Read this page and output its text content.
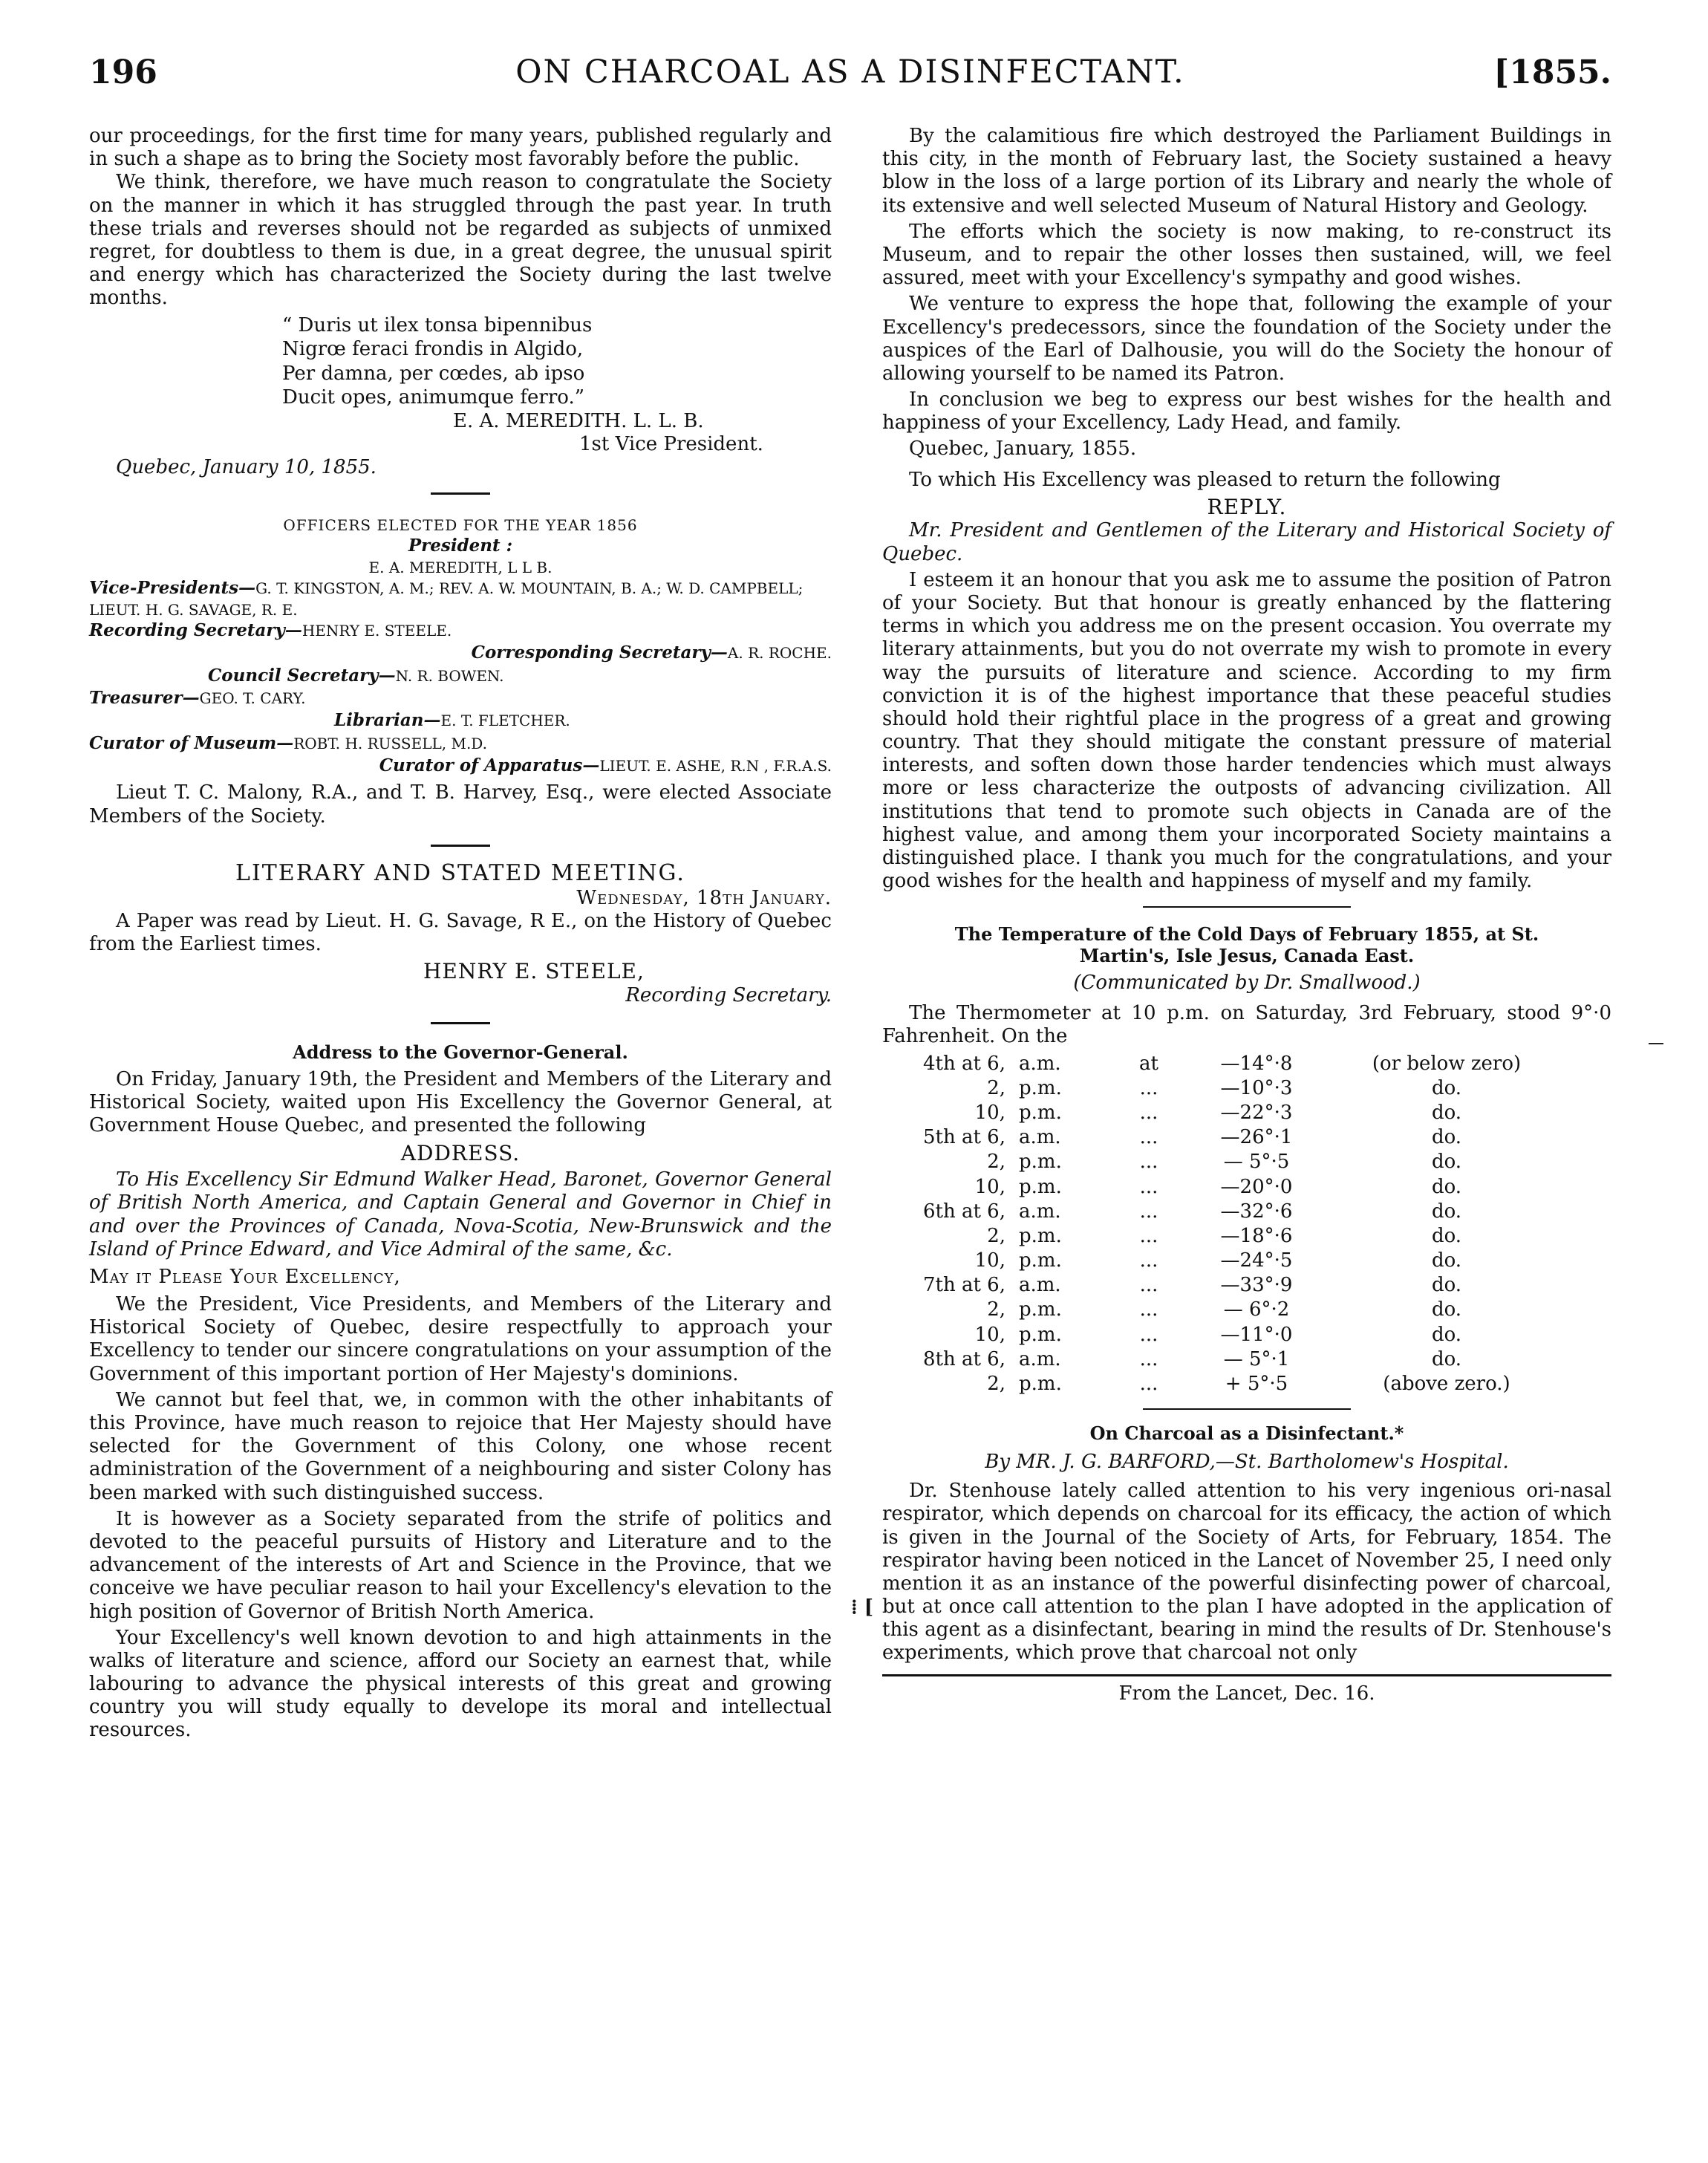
196	ON CHARCOAL AS A DISINFECTANT.	[1855.

our proceedings, for the first time for many years, published regularly and in such a shape as to bring the Society most favorably before the public.

We think, therefore, we have much reason to congratulate the Society on the manner in which it has struggled through the past year. In truth these trials and reverses should not be regarded as subjects of unmixed regret, for doubtless to them is due, in a great degree, the unusual spirit and energy which has characterized the Society during the last twelve months.

“ Duris ut ilex tonsa bipennibus

Nigrœ feraci frondis in Algido,

Per damna, per cœdes, ab ipso

Ducit opes, animumque ferro.”

E. A. MEREDITH. L. L. B.

1st Vice President.

Quebec, January 10, 1855.

OFFICERS ELECTED FOR THE YEAR 1856

President :

E. A. MEREDITH, L L B.

Vice-Presidents—G. T. KINGSTON, A. M.; REV. A. W. MOUNTAIN, B. A.; W. D. CAMPBELL; LIEUT. H. G. SAVAGE, R. E.

Recording Secretary—HENRY E. STEELE.

Corresponding Secretary—A. R. ROCHE.

Council Secretary—N. R. BOWEN.

Treasurer—GEO. T. CARY.

Librarian—E. T. FLETCHER.

Curator of Museum—ROBT. H. RUSSELL, M.D.

Curator of Apparatus—LIEUT. E. ASHE, R.N , F.R.A.S.

Lieut T. C. Malony, R.A., and T. B. Harvey, Esq., were elected Associate Members of the Society.

LITERARY AND STATED MEETING.

Wednesday, 18th January.

A Paper was read by Lieut. H. G. Savage, R E., on the History of Quebec from the Earliest times.

HENRY E. STEELE,

Recording Secretary.

Address to the Governor-General.

On Friday, January 19th, the President and Members of the Literary and Historical Society, waited upon His Excellency the Governor General, at Government House Quebec, and presented the following

ADDRESS.

To His Excellency Sir Edmund Walker Head, Baronet, Governor General of British North America, and Captain General and Governor in Chief in and over the Provinces of Canada, Nova-Scotia, New-Brunswick and the Island of Prince Edward, and Vice Admiral of the same, &c.

May it Please Your Excellency,

We the President, Vice Presidents, and Members of the Literary and Historical Society of Quebec, desire respectfully to approach your Excellency to tender our sincere congratulations on your assumption of the Government of this important portion of Her Majesty's dominions.

We cannot but feel that, we, in common with the other inhabitants of this Province, have much reason to rejoice that Her Majesty should have selected for the Government of this Colony, one whose recent administration of the Government of a neighbouring and sister Colony has been marked with such distinguished success.

It is however as a Society separated from the strife of politics and devoted to the peaceful pursuits of History and Literature and to the advancement of the interests of Art and Science in the Province, that we conceive we have peculiar reason to hail your Excellency's elevation to the high position of Governor of British North America.

Your Excellency's well known devotion to and high attainments in the walks of literature and science, afford our Society an earnest that, while labouring to advance the physical interests of this great and growing country you will study equally to develope its moral and intellectual resources.

By the calamitious fire which destroyed the Parliament Buildings in this city, in the month of February last, the Society sustained a heavy blow in the loss of a large portion of its Library and nearly the whole of its extensive and well selected Museum of Natural History and Geology.

The efforts which the society is now making, to re-construct its Museum, and to repair the other losses then sustained, will, we feel assured, meet with your Excellency's sympathy and good wishes.

We venture to express the hope that, following the example of your Excellency's predecessors, since the foundation of the Society under the auspices of the Earl of Dalhousie, you will do the Society the honour of allowing yourself to be named its Patron.

In conclusion we beg to express our best wishes for the health and happiness of your Excellency, Lady Head, and family.

Quebec, January, 1855.

To which His Excellency was pleased to return the following

REPLY.

Mr. President and Gentlemen of the Literary and Historical Society of Quebec.

I esteem it an honour that you ask me to assume the position of Patron of your Society. But that honour is greatly enhanced by the flattering terms in which you address me on the present occasion. You overrate my literary attainments, but you do not overrate my wish to promote in every way the pursuits of literature and science. According to my firm conviction it is of the highest importance that these peaceful studies should hold their rightful place in the progress of a great and growing country. That they should mitigate the constant pressure of material interests, and soften down those harder tendencies which must always more or less characterize the outposts of advancing civilization. All institutions that tend to promote such objects in Canada are of the highest value, and among them your incorporated Society maintains a distinguished place. I thank you much for the congratulations, and your good wishes for the health and happiness of myself and my family.

The Temperature of the Cold Days of February 1855, at St. Martin's, Isle Jesus, Canada East.

(Communicated by Dr. Smallwood.)

The Thermometer at 10 p.m. on Saturday, 3rd February, stood 9°·0 Fahrenheit. On the

4th at 6,	a.m.	at	—14°·8	(or below zero)
2,	p.m.	...	—10°·3	do.
10,	p.m.	...	—22°·3	do.
5th at 6,	a.m.	...	—26°·1	do.
2,	p.m.	...	— 5°·5	do.
10,	p.m.	...	—20°·0	do.
6th at 6,	a.m.	...	—32°·6	do.
2,	p.m.	...	—18°·6	do.
10,	p.m.	...	—24°·5	do.
7th at 6,	a.m.	...	—33°·9	do.
2,	p.m.	...	— 6°·2	do.
10,	p.m.	...	—11°·0	do.
8th at 6,	a.m.	...	— 5°·1	do.
2,	p.m.	...	+ 5°·5	(above zero.)

On Charcoal as a Disinfectant.*

By MR. J. G. BARFORD,—St. Bartholomew's Hospital.

Dr. Stenhouse lately called attention to his very ingenious ori-nasal respirator, which depends on charcoal for its efficacy, the action of which is given in the Journal of the Society of Arts, for February, 1854. The respirator having been noticed in the Lancet of November 25, I need only mention it as an instance of the powerful disinfecting power of charcoal, but at once call attention to the plan I have adopted in the application of this agent as a disinfectant, bearing in mind the results of Dr. Stenhouse's experiments, which prove that charcoal not only

From the Lancet, Dec. 16.

⁞ [
